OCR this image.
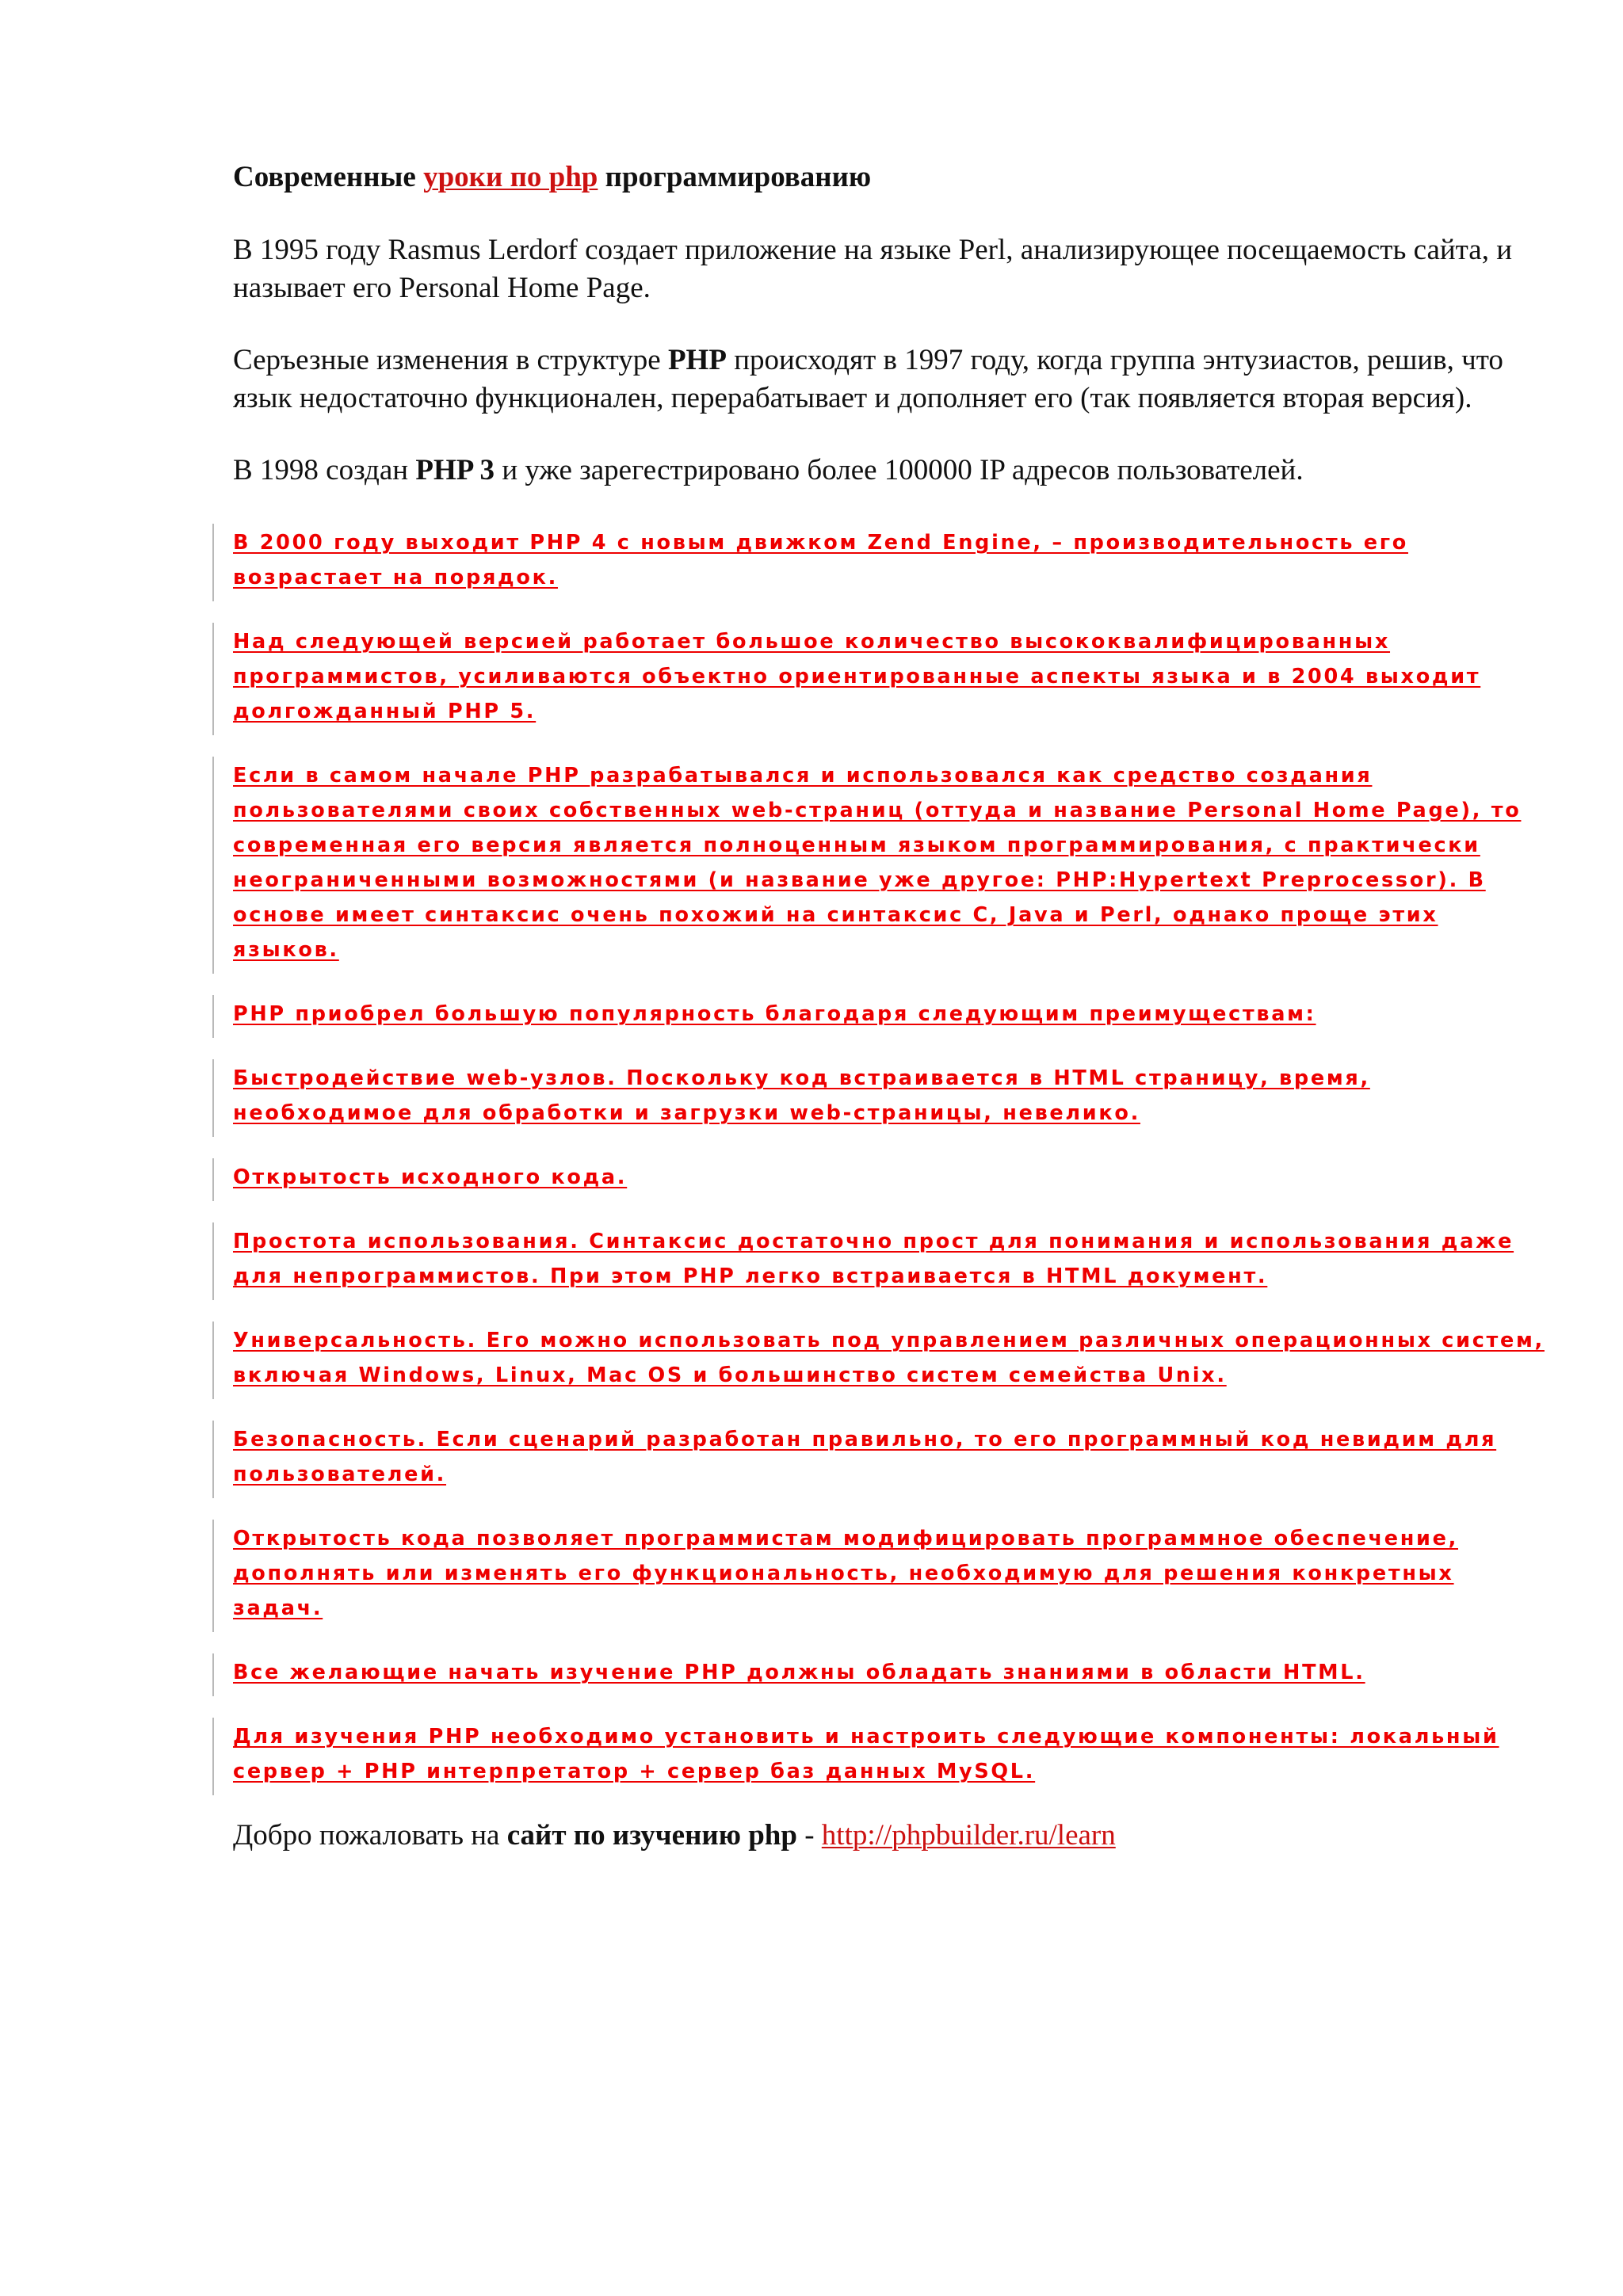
Современные уроки по php программированию

В 1995 году Rasmus Lerdorf создает приложение на языке Perl, анализирующее посещаемость сайта, и называет его Personal Home Page.

Серъезные изменения в структуре PHP происходят в 1997 году, когда группа энтузиастов, решив, что язык недостаточно функционален, перерабатывает и дополняет его (так появляется вторая версия).

В 1998 создан PHP 3 и уже зарегестрировано более 100000 IP адресов пользователей.

В 2000 году выходит PHP 4 с новым движком Zend Engine, – производительность его возрастает на порядок.
Над следующей версией работает большое количество высококвалифицированных программистов, усиливаются объектно ориентированные аспекты языка и в 2004 выходит долгожданный PHP 5.
Если в самом начале PHP разрабатывался и использовался как средство создания пользователями своих собственных web-страниц (оттуда и название Personal Home Page), то современная его версия является полноценным языком программирования, с практически неограниченными возможностями (и название уже другое: PHP:Hypertext Preprocessor). В основе имеет синтаксис очень похожий на синтаксис C, Java и Perl, однако проще этих языков.
PHP приобрел большую популярность благодаря следующим преимуществам:
Быстродействие web-узлов. Поскольку код встраивается в HTML страницу, время, необходимое для обработки и загрузки web-страницы, невелико.
Открытость исходного кода.
Простота использования. Синтаксис достаточно прост для понимания и использования даже для непрограммистов. При этом PHP легко встраивается в HTML документ.
Универсальность. Его можно использовать под управлением различных операционных систем, включая Windows, Linux, Mac OS и большинство систем семейства Unix.
Безопасность. Если сценарий разработан правильно, то его программный код невидим для пользователей.
Открытость кода позволяет программистам модифицировать программное обеспечение, дополнять или изменять его функциональность, необходимую для решения конкретных задач.
Все желающие начать изучение PHP должны обладать знаниями в области HTML.
Для изучения PHP необходимо установить и настроить следующие компоненты: локальный сервер + PHP интерпретатор + сервер баз данных MySQL.

Добро пожаловать на сайт по изучению php - http://phpbuilder.ru/learn
